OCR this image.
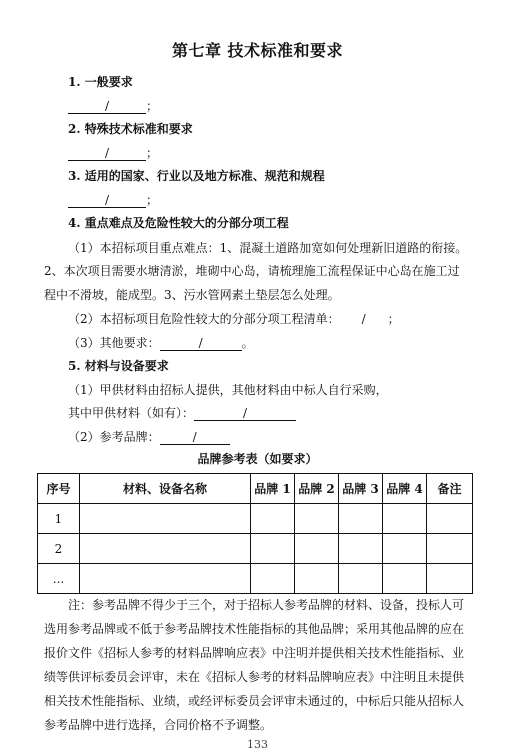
第七章 技术标准和要求
1. 一般要求
/	；
2. 特殊技术标准和要求
/	；
3. 适用的国家、行业以及地方标准、规范和规程
/	；
4. 重点难点及危险性较大的分部分项工程
（1）本招标项目重点难点：1、混凝土道路加宽如何处理新旧道路的衔接。
2、本次项目需要水塘清淤，堆砌中心岛，请梳理施工流程保证中心岛在施工过
程中不滑坡，能成型。3、污水管网素土垫层怎么处理。
（2）本招标项目危险性较大的分部分项工程清单： / ；
（3）其他要求：	/	。
5. 材料与设备要求
（1）甲供材料由招标人提供，其他材料由中标人自行采购，
其中甲供材料（如有）：	/
（2）参考品牌：	/
品牌参考表（如要求）
序号	材料、设备名称	品牌 1	品牌 2	品牌 3	品牌 4	备注
1						
2						
...						
注：参考品牌不得少于三个，对于招标人参考品牌的材料、设备，投标人可
选用参考品牌或不低于参考品牌技术性能指标的其他品牌；采用其他品牌的应在
报价文件《招标人参考的材料品牌响应表》中注明并提供相关技术性能指标、业
绩等供评标委员会评审，未在《招标人参考的材料品牌响应表》中注明且未提供
相关技术性能指标、业绩，或经评标委员会评审未通过的，中标后只能从招标人
参考品牌中进行选择，合同价格不予调整。
133
